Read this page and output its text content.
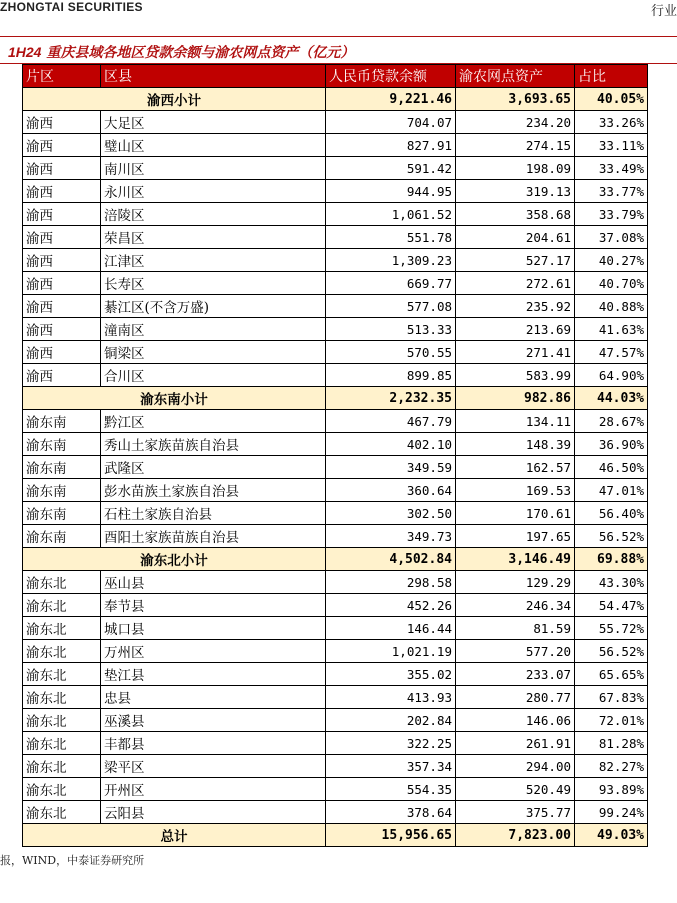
ZHONGTAI SECURITIES	行业
1H24 重庆县域各地区贷款余额与渝农网点资产（亿元）
片区	区县	人民币贷款余额	渝农网点资产	占比
渝西小计		9,221.46	3,693.65	40.05%
渝西	大足区	704.07	234.20	33.26%
渝西	璧山区	827.91	274.15	33.11%
渝西	南川区	591.42	198.09	33.49%
渝西	永川区	944.95	319.13	33.77%
渝西	涪陵区	1,061.52	358.68	33.79%
渝西	荣昌区	551.78	204.61	37.08%
渝西	江津区	1,309.23	527.17	40.27%
渝西	长寿区	669.77	272.61	40.70%
渝西	綦江区(不含万盛)	577.08	235.92	40.88%
渝西	潼南区	513.33	213.69	41.63%
渝西	铜梁区	570.55	271.41	47.57%
渝西	合川区	899.85	583.99	64.90%
渝东南小计		2,232.35	982.86	44.03%
渝东南	黔江区	467.79	134.11	28.67%
渝东南	秀山土家族苗族自治县	402.10	148.39	36.90%
渝东南	武隆区	349.59	162.57	46.50%
渝东南	彭水苗族土家族自治县	360.64	169.53	47.01%
渝东南	石柱土家族自治县	302.50	170.61	56.40%
渝东南	酉阳土家族苗族自治县	349.73	197.65	56.52%
渝东北小计		4,502.84	3,146.49	69.88%
渝东北	巫山县	298.58	129.29	43.30%
渝东北	奉节县	452.26	246.34	54.47%
渝东北	城口县	146.44	81.59	55.72%
渝东北	万州区	1,021.19	577.20	56.52%
渝东北	垫江县	355.02	233.07	65.65%
渝东北	忠县	413.93	280.77	67.83%
渝东北	巫溪县	202.84	146.06	72.01%
渝东北	丰都县	322.25	261.91	81.28%
渝东北	梁平区	357.34	294.00	82.27%
渝东北	开州区	554.35	520.49	93.89%
渝东北	云阳县	378.64	375.77	99.24%
总计		15,956.65	7,823.00	49.03%
报，WIND，中泰证券研究所
